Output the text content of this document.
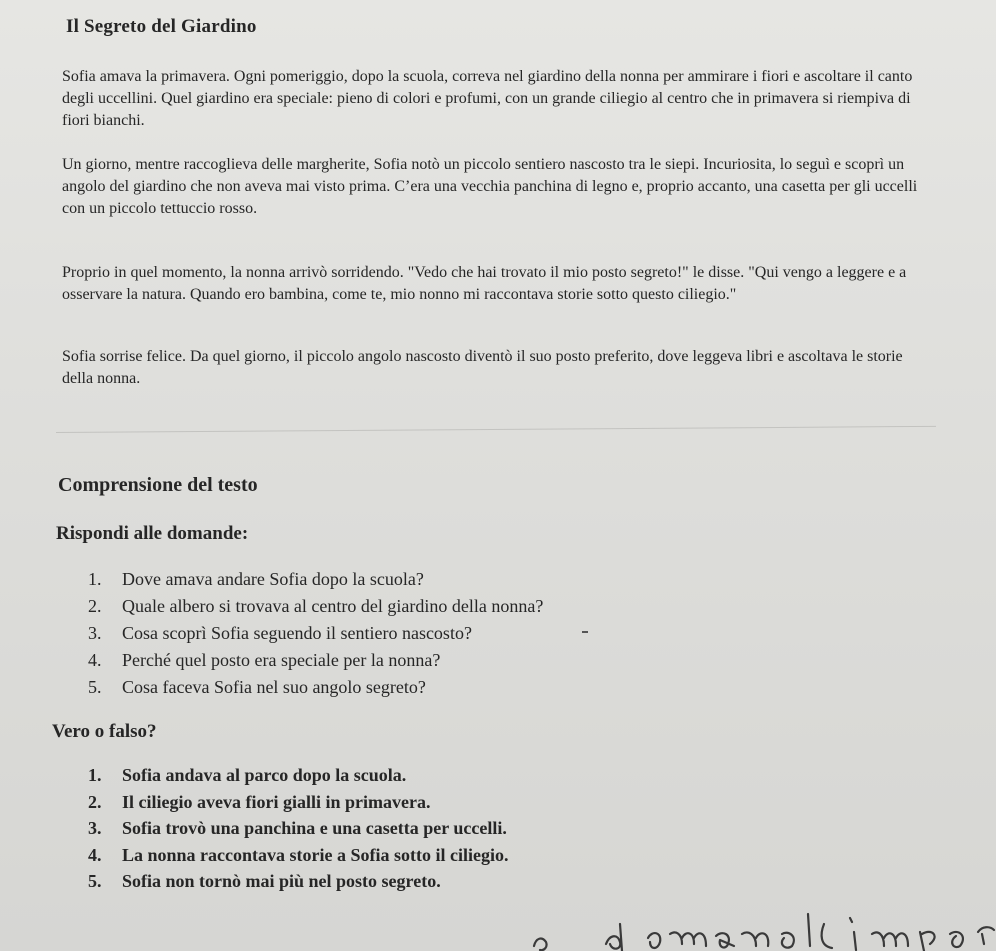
Il Segreto del Giardino

Sofia amava la primavera. Ogni pomeriggio, dopo la scuola, correva nel giardino della nonna per ammirare i fiori e ascoltare il canto degli uccellini. Quel giardino era speciale: pieno di colori e profumi, con un grande ciliegio al centro che in primavera si riempiva di fiori bianchi.

Un giorno, mentre raccoglieva delle margherite, Sofia notò un piccolo sentiero nascosto tra le siepi. Incuriosita, lo seguì e scoprì un angolo del giardino che non aveva mai visto prima. C’era una vecchia panchina di legno e, proprio accanto, una casetta per gli uccelli con un piccolo tettuccio rosso.

Proprio in quel momento, la nonna arrivò sorridendo. "Vedo che hai trovato il mio posto segreto!" le disse. "Qui vengo a leggere e a osservare la natura. Quando ero bambina, come te, mio nonno mi raccontava storie sotto questo ciliegio."

Sofia sorrise felice. Da quel giorno, il piccolo angolo nascosto diventò il suo posto preferito, dove leggeva libri e ascoltava le storie della nonna.

Comprensione del testo
Rispondi alle domande:
1. Dove amava andare Sofia dopo la scuola?
2. Quale albero si trovava al centro del giardino della nonna?
3. Cosa scoprì Sofia seguendo il sentiero nascosto?
4. Perché quel posto era speciale per la nonna?
5. Cosa faceva Sofia nel suo angolo segreto?
Vero o falso?
1. Sofia andava al parco dopo la scuola.
2. Il ciliegio aveva fiori gialli in primavera.
3. Sofia trovò una panchina e una casetta per uccelli.
4. La nonna raccontava storie a Sofia sotto il ciliegio.
5. Sofia non tornò mai più nel posto segreto.
